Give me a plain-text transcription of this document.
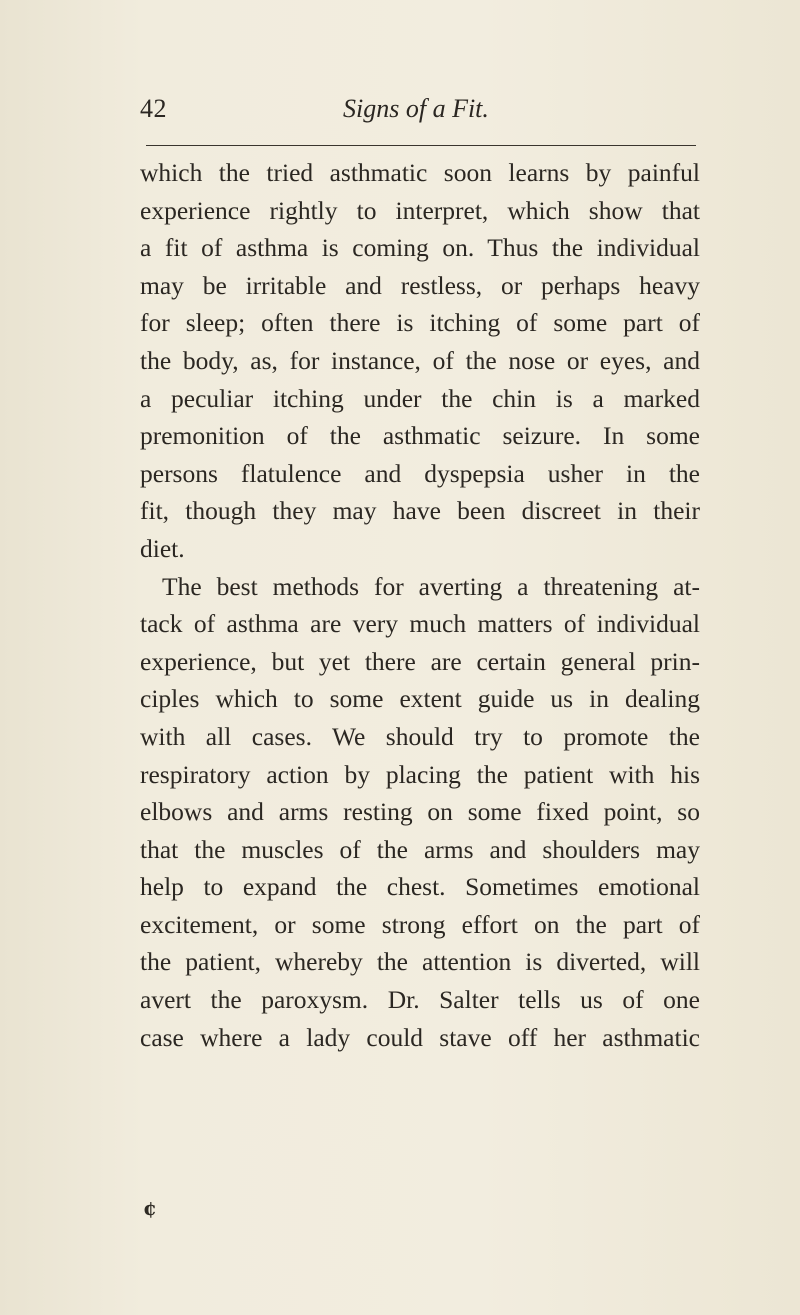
42	Signs of a Fit.
which the tried asthmatic soon learns by painful
experience rightly to interpret, which show that
a fit of asthma is coming on. Thus the individual
may be irritable and restless, or perhaps heavy
for sleep; often there is itching of some part of
the body, as, for instance, of the nose or eyes, and
a peculiar itching under the chin is a marked
premonition of the asthmatic seizure. In some
persons flatulence and dyspepsia usher in the
fit, though they may have been discreet in their
diet.
The best methods for averting a threatening at-
tack of asthma are very much matters of individual
experience, but yet there are certain general prin-
ciples which to some extent guide us in dealing
with all cases. We should try to promote the
respiratory action by placing the patient with his
elbows and arms resting on some fixed point, so
that the muscles of the arms and shoulders may
help to expand the chest. Sometimes emotional
excitement, or some strong effort on the part of
the patient, whereby the attention is diverted, will
avert the paroxysm. Dr. Salter tells us of one
case where a lady could stave off her asthmatic
¢
